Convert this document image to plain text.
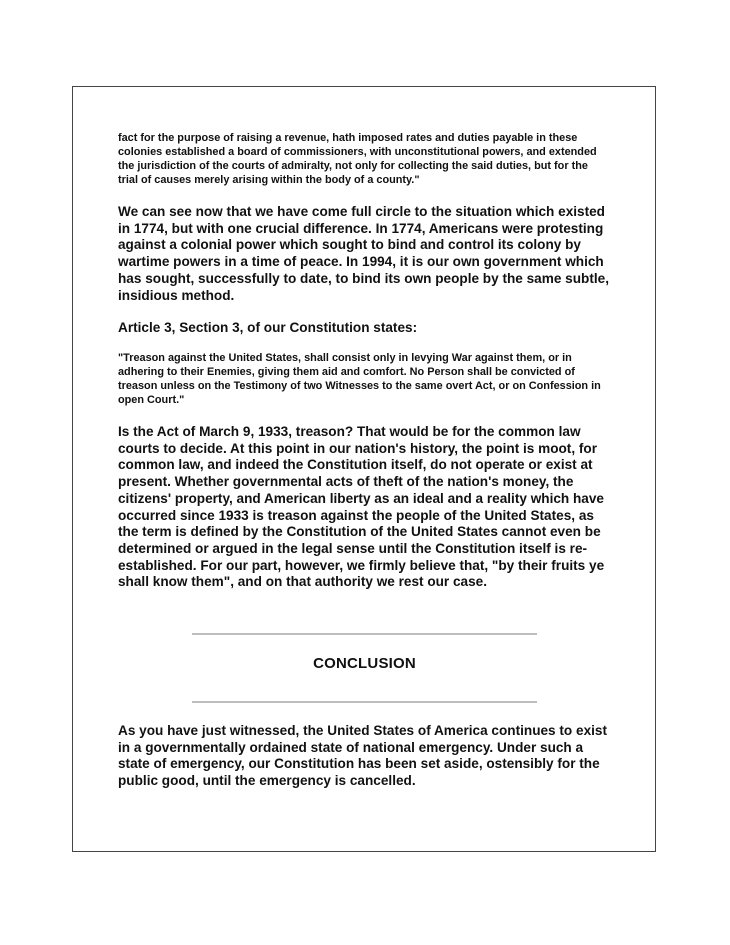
fact for the purpose of raising a revenue, hath imposed rates and duties payable in these colonies established a board of commissioners, with unconstitutional powers, and extended the jurisdiction of the courts of admiralty, not only for collecting the said duties, but for the trial of causes merely arising within the body of a county."

We can see now that we have come full circle to the situation which existed in 1774, but with one crucial difference. In 1774, Americans were protesting against a colonial power which sought to bind and control its colony by wartime powers in a time of peace. In 1994, it is our own government which has sought, successfully to date, to bind its own people by the same subtle, insidious method.

Article 3, Section 3, of our Constitution states:

"Treason against the United States, shall consist only in levying War against them, or in adhering to their Enemies, giving them aid and comfort. No Person shall be convicted of treason unless on the Testimony of two Witnesses to the same overt Act, or on Confession in open Court."

Is the Act of March 9, 1933, treason? That would be for the common law courts to decide. At this point in our nation's history, the point is moot, for common law, and indeed the Constitution itself, do not operate or exist at present. Whether governmental acts of theft of the nation's money, the citizens' property, and American liberty as an ideal and a reality which have occurred since 1933 is treason against the people of the United States, as the term is defined by the Constitution of the United States cannot even be determined or argued in the legal sense until the Constitution itself is re-established. For our part, however, we firmly believe that, "by their fruits ye shall know them", and on that authority we rest our case.

CONCLUSION

As you have just witnessed, the United States of America continues to exist in a governmentally ordained state of national emergency. Under such a state of emergency, our Constitution has been set aside, ostensibly for the public good, until the emergency is cancelled.
